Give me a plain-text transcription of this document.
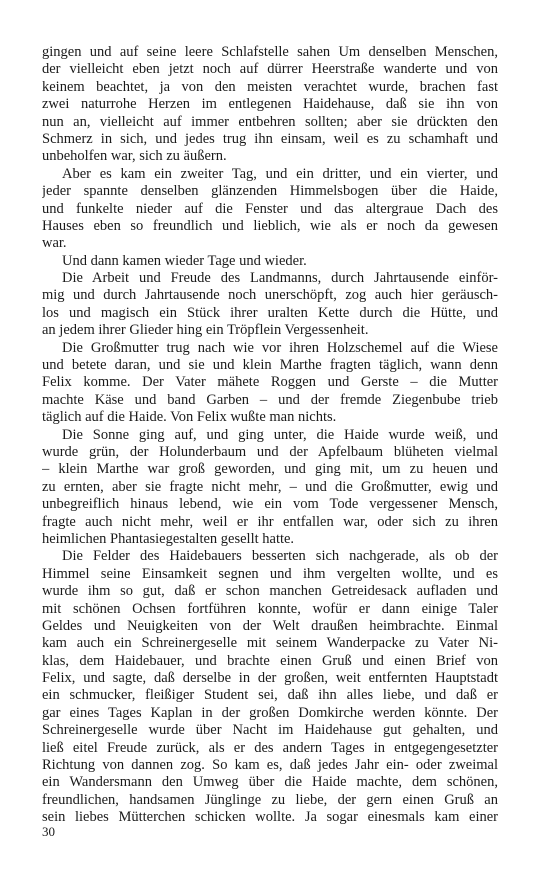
gingen und auf seine leere Schlafstelle sahen Um denselben Menschen,
der vielleicht eben jetzt noch auf dürrer Heerstraße wanderte und von
keinem beachtet, ja von den meisten verachtet wurde, brachen fast
zwei naturrohe Herzen im entlegenen Haidehause, daß sie ihn von
nun an, vielleicht auf immer entbehren sollten; aber sie drückten den
Schmerz in sich, und jedes trug ihn einsam, weil es zu schamhaft und
unbeholfen war, sich zu äußern.
Aber es kam ein zweiter Tag, und ein dritter, und ein vierter, und
jeder spannte denselben glänzenden Himmelsbogen über die Haide,
und funkelte nieder auf die Fenster und das altergraue Dach des
Hauses eben so freundlich und lieblich, wie als er noch da gewesen
war.
Und dann kamen wieder Tage und wieder.
Die Arbeit und Freude des Landmanns, durch Jahrtausende einför-
mig und durch Jahrtausende noch unerschöpft, zog auch hier geräusch-
los und magisch ein Stück ihrer uralten Kette durch die Hütte, und
an jedem ihrer Glieder hing ein Tröpflein Vergessenheit.
Die Großmutter trug nach wie vor ihren Holzschemel auf die Wiese
und betete daran, und sie und klein Marthe fragten täglich, wann denn
Felix komme. Der Vater mähete Roggen und Gerste – die Mutter
machte Käse und band Garben – und der fremde Ziegenbube trieb
täglich auf die Haide. Von Felix wußte man nichts.
Die Sonne ging auf, und ging unter, die Haide wurde weiß, und
wurde grün, der Holunderbaum und der Apfelbaum blüheten vielmal
– klein Marthe war groß geworden, und ging mit, um zu heuen und
zu ernten, aber sie fragte nicht mehr, – und die Großmutter, ewig und
unbegreiflich hinaus lebend, wie ein vom Tode vergessener Mensch,
fragte auch nicht mehr, weil er ihr entfallen war, oder sich zu ihren
heimlichen Phantasiegestalten gesellt hatte.
Die Felder des Haidebauers besserten sich nachgerade, als ob der
Himmel seine Einsamkeit segnen und ihm vergelten wollte, und es
wurde ihm so gut, daß er schon manchen Getreidesack aufladen und
mit schönen Ochsen fortführen konnte, wofür er dann einige Taler
Geldes und Neuigkeiten von der Welt draußen heimbrachte. Einmal
kam auch ein Schreinergeselle mit seinem Wanderpacke zu Vater Ni-
klas, dem Haidebauer, und brachte einen Gruß und einen Brief von
Felix, und sagte, daß derselbe in der großen, weit entfernten Hauptstadt
ein schmucker, fleißiger Student sei, daß ihn alles liebe, und daß er
gar eines Tages Kaplan in der großen Domkirche werden könnte. Der
Schreinergeselle wurde über Nacht im Haidehause gut gehalten, und
ließ eitel Freude zurück, als er des andern Tages in entgegengesetzter
Richtung von dannen zog. So kam es, daß jedes Jahr ein- oder zweimal
ein Wandersmann den Umweg über die Haide machte, dem schönen,
freundlichen, handsamen Jünglinge zu liebe, der gern einen Gruß an
sein liebes Mütterchen schicken wollte. Ja sogar einesmals kam einer
30
